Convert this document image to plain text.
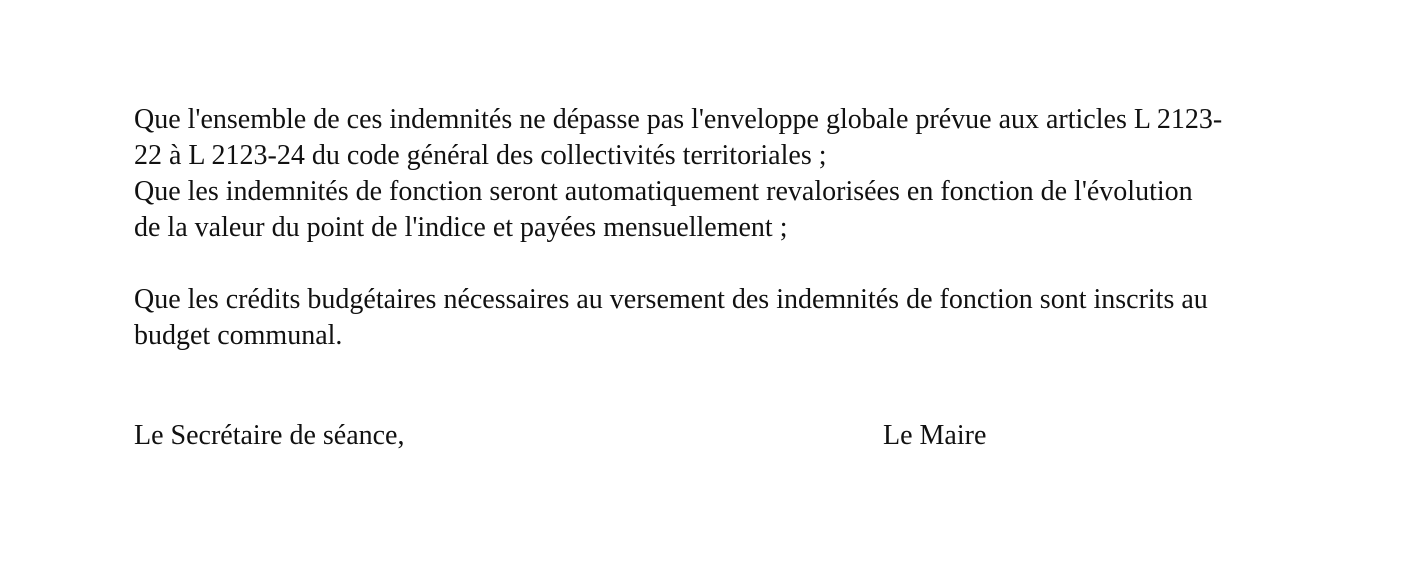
Que l'ensemble de ces indemnités ne dépasse pas l'enveloppe globale prévue aux articles L 2123-
22 à L 2123-24 du code général des collectivités territoriales ;
Que les indemnités de fonction seront automatiquement revalorisées en fonction de l'évolution
de la valeur du point de l'indice et payées mensuellement ;
Que les crédits budgétaires nécessaires au versement des indemnités de fonction sont inscrits au
budget communal.
Le Secrétaire de séance,	Le Maire
